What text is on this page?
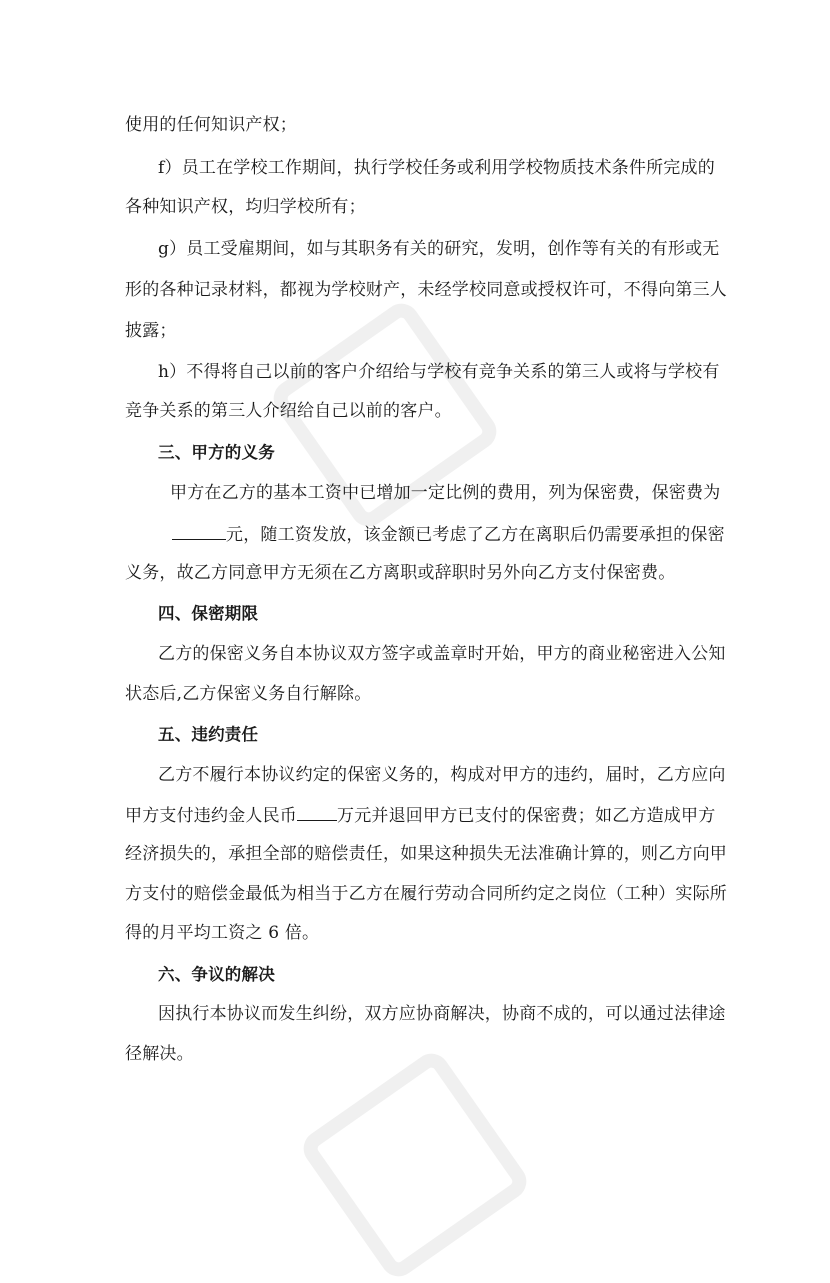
使用的任何知识产权；
f）员工在学校工作期间，执行学校任务或利用学校物质技术条件所完成的
各种知识产权，均归学校所有；
g）员工受雇期间，如与其职务有关的研究，发明，创作等有关的有形或无
形的各种记录材料，都视为学校财产，未经学校同意或授权许可，不得向第三人
披露；
h）不得将自己以前的客户介绍给与学校有竞争关系的第三人或将与学校有
竞争关系的第三人介绍给自己以前的客户。
三、甲方的义务
甲方在乙方的基本工资中已增加一定比例的费用，列为保密费，保密费为
元，随工资发放，该金额已考虑了乙方在离职后仍需要承担的保密
义务，故乙方同意甲方无须在乙方离职或辞职时另外向乙方支付保密费。
四、保密期限
乙方的保密义务自本协议双方签字或盖章时开始，甲方的商业秘密进入公知
状态后,乙方保密义务自行解除。
五、违约责任
乙方不履行本协议约定的保密义务的，构成对甲方的违约，届时，乙方应向
甲方支付违约金人民币 万元并退回甲方已支付的保密费；如乙方造成甲方
经济损失的，承担全部的赔偿责任，如果这种损失无法准确计算的，则乙方向甲
方支付的赔偿金最低为相当于乙方在履行劳动合同所约定之岗位（工种）实际所
得的月平均工资之 6 倍。
六、争议的解决
因执行本协议而发生纠纷，双方应协商解决，协商不成的，可以通过法律途
径解决。
